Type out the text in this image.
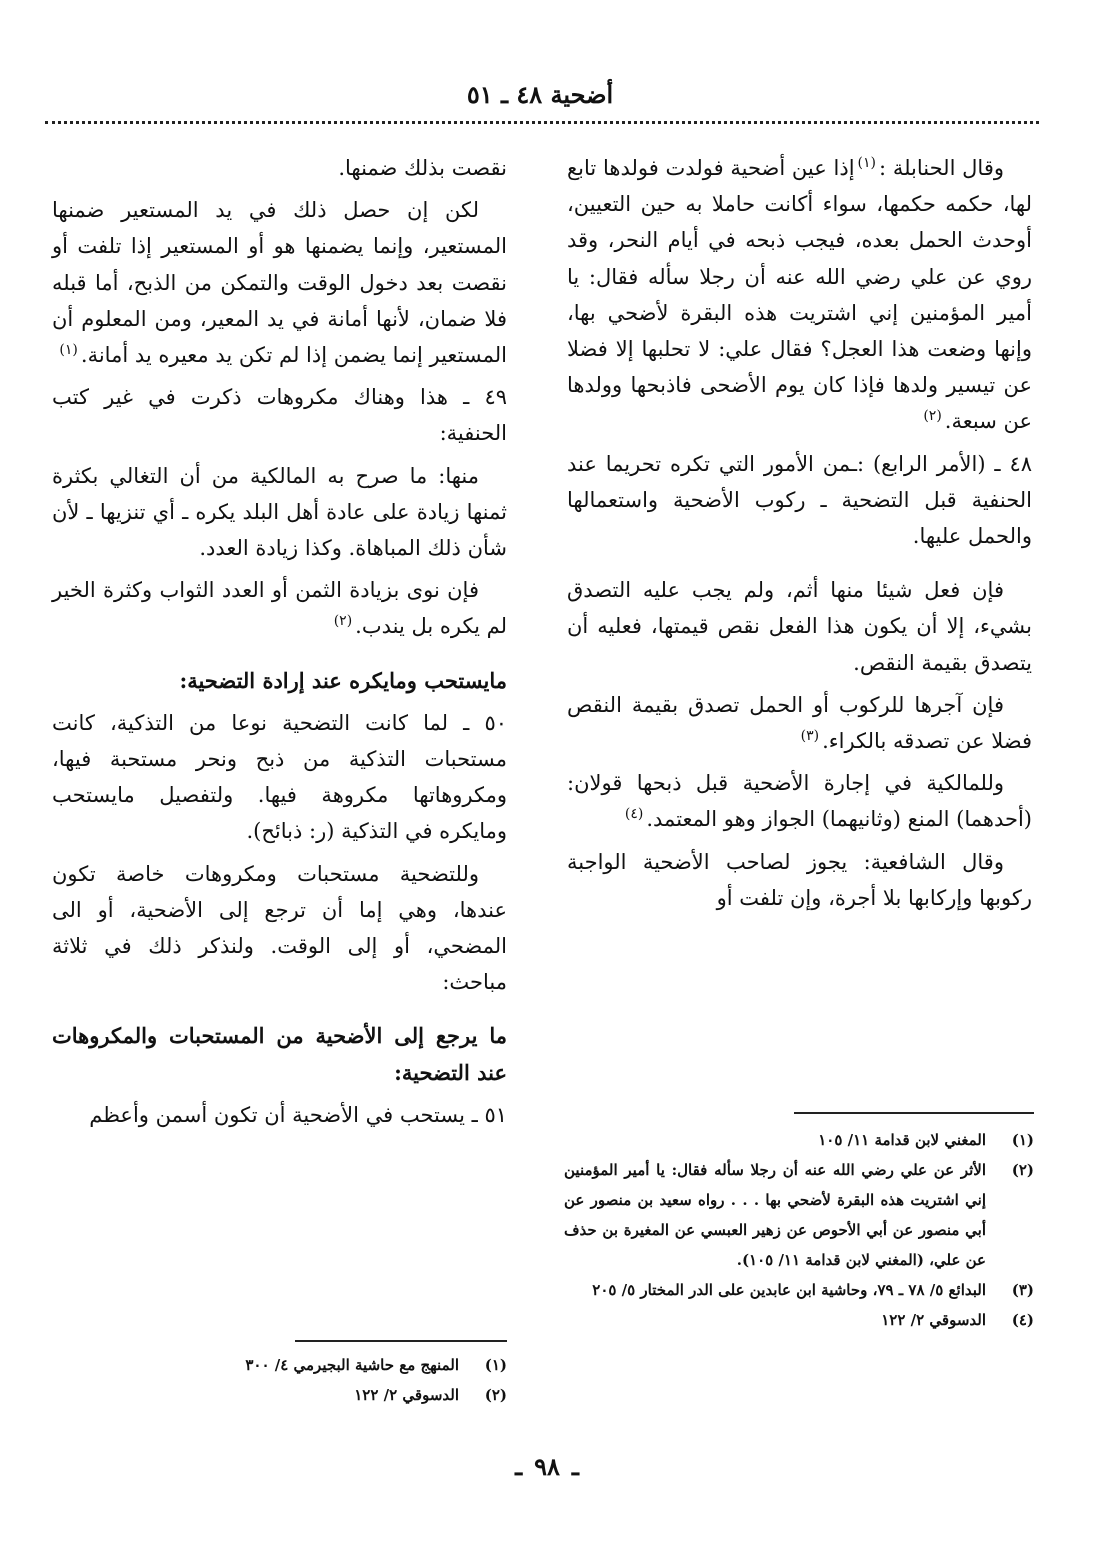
أضحية ٤٨ ـ ٥١

وقال الحنابلة :$^{(١)}$إذا عين أضحية فولدت فولدها تابع لها، حكمه حكمها، سواء أكانت حاملا به حين التعيين، أوحدث الحمل بعده، فيجب ذبحه في أيام النحر، وقد روي عن علي رضي الله عنه أن رجلا سأله فقال: يا أمير المؤمنين إني اشتريت هذه البقرة لأضحي بها، وإنها وضعت هذا العجل؟ فقال علي: لا تحلبها إلا فضلا عن تيسير ولدها فإذا كان يوم الأضحى فاذبحها وولدها عن سبعة.$^{(٢)}$

٤٨ ـ (الأمر الرابع) :ـمن الأمور التي تكره تحريما عند الحنفية قبل التضحية ـ ركوب الأضحية واستعمالها والحمل عليها.

فإن فعل شيئا منها أثم، ولم يجب عليه التصدق بشيء، إلا أن يكون هذا الفعل نقص قيمتها، فعليه أن يتصدق بقيمة النقص.

فإن آجرها للركوب أو الحمل تصدق بقيمة النقص فضلا عن تصدقه بالكراء.$^{(٣)}$

وللمالكية في إجارة الأضحية قبل ذبحها قولان: (أحدهما) المنع (وثانيهما) الجواز وهو المعتمد.$^{(٤)}$

وقال الشافعية: يجوز لصاحب الأضحية الواجبة ركوبها وإركابها بلا أجرة، وإن تلفت أو

نقصت بذلك ضمنها.

لكن إن حصل ذلك في يد المستعير ضمنها المستعير، وإنما يضمنها هو أو المستعير إذا تلفت أو نقصت بعد دخول الوقت والتمكن من الذبح، أما قبله فلا ضمان، لأنها أمانة في يد المعير، ومن المعلوم أن المستعير إنما يضمن إذا لم تكن يد معيره يد أمانة.$^{(١)}$

٤٩ ـ هذا وهناك مكروهات ذكرت في غير كتب الحنفية:

منها: ما صرح به المالكية من أن التغالي بكثرة ثمنها زيادة على عادة أهل البلد يكره ـ أي تنزيها ـ لأن شأن ذلك المباهاة. وكذا زيادة العدد.

فإن نوى بزيادة الثمن أو العدد الثواب وكثرة الخير لم يكره بل يندب.$^{(٢)}$

مايستحب ومايكره عند إرادة التضحية:

٥٠ ـ لما كانت التضحية نوعا من التذكية، كانت مستحبات التذكية من ذبح ونحر مستحبة فيها، ومكروهاتها مكروهة فيها. ولتفصيل مايستحب ومايكره في التذكية (ر: ذبائح).

وللتضحية مستحبات ومكروهات خاصة تكون عندها، وهي إما أن ترجع إلى الأضحية، أو الى المضحي، أو إلى الوقت. ولنذكر ذلك في ثلاثة مباحث:

ما يرجع إلى الأضحية من المستحبات والمكروهات عند التضحية:

٥١ ـ يستحب في الأضحية أن تكون أسمن وأعظم

(١)
المغني لابن قدامة ١١/ ١٠٥
(٢)
الأثر عن علي رضي الله عنه أن رجلا سأله فقال: يا أمير المؤمنين إني اشتريت هذه البقرة لأضحي بها . . . رواه سعيد بن منصور عن أبي منصور عن أبي الأحوص عن زهير العبسي عن المغيرة بن حذف عن علي، (المغني لابن قدامة ١١/ ١٠٥).
(٣)
البدائع ٥/ ٧٨ ـ ٧٩، وحاشية ابن عابدين على الدر المختار ٥/ ٢٠٥
(٤)
الدسوقي ٢/ ١٢٢
(١)
المنهج مع حاشية البجيرمي ٤/ ٣٠٠
(٢)
الدسوقي ٢/ ١٢٢
ـ٩٨ـ
